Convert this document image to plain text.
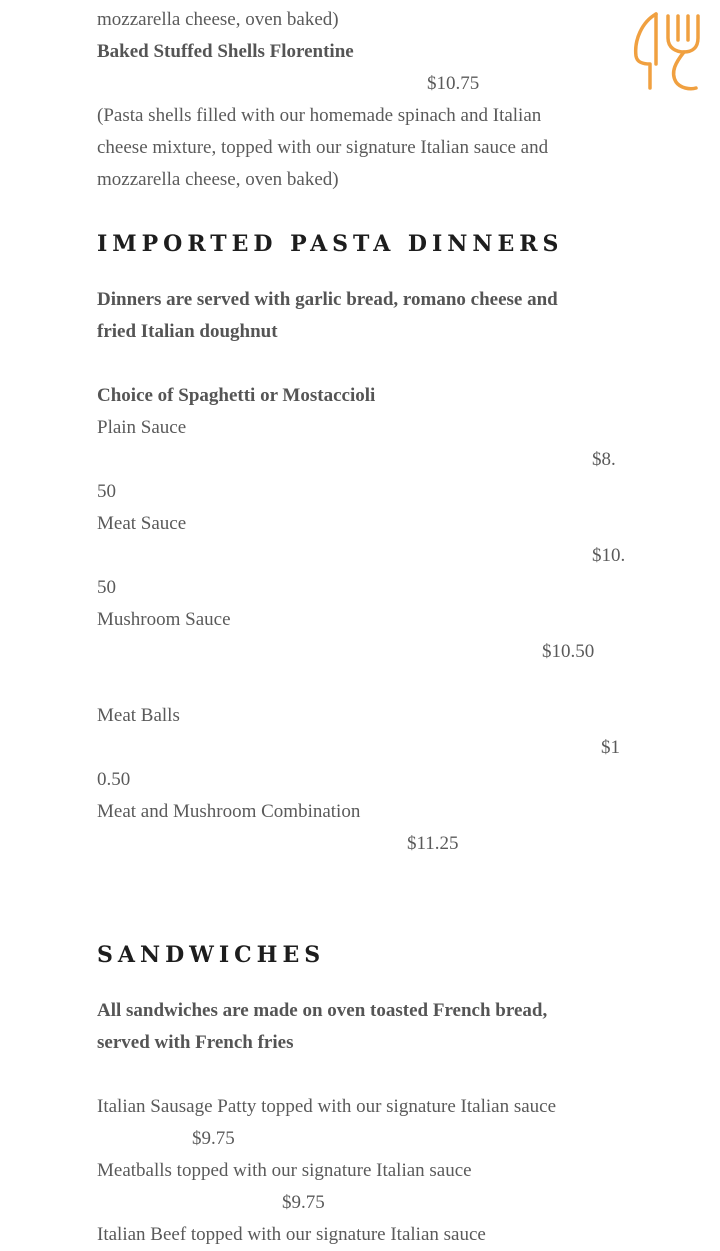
mozzarella cheese, oven baked)
Baked Stuffed Shells Florentine
$10.75
(Pasta shells filled with our homemade spinach and Italian
cheese mixture, topped with our signature Italian sauce and
mozzarella cheese, oven baked)
IMPORTED PASTA DINNERS
Dinners are served with garlic bread, romano cheese and
fried Italian doughnut
Choice of Spaghetti or Mostaccioli
Plain Sauce
$8.
50
Meat Sauce
$10.
50
Mushroom Sauce
$10.50
Meat Balls
$1
0.50
Meat and Mushroom Combination
$11.25
SANDWICHES
All sandwiches are made on oven toasted French bread,
served with French fries
Italian Sausage Patty topped with our signature Italian sauce
$9.75
Meatballs topped with our signature Italian sauce
$9.75
Italian Beef topped with our signature Italian sauce
